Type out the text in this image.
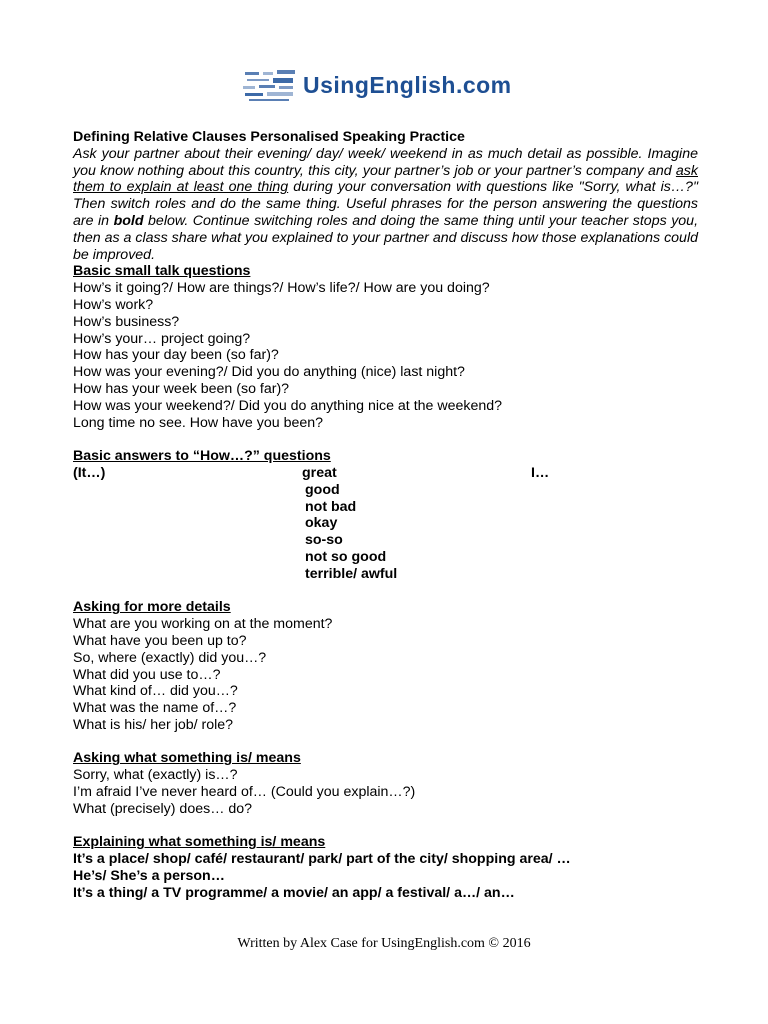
UsingEnglish.com
Defining Relative Clauses Personalised Speaking Practice
Ask your partner about their evening/ day/ week/ weekend in as much detail as possible. Imagine you know nothing about this country, this city, your partner’s job or your partner’s company and ask them to explain at least one thing during your conversation with questions like "Sorry, what is…?" Then switch roles and do the same thing. Useful phrases for the person answering the questions are in bold below. Continue switching roles and doing the same thing until your teacher stops you, then as a class share what you explained to your partner and discuss how those explanations could be improved.
Basic small talk questions
How’s it going?/ How are things?/ How’s life?/ How are you doing?
How’s work?
How’s business?
How’s your… project going?
How has your day been (so far)?
How was your evening?/ Did you do anything (nice) last night?
How has your week been (so far)?
How was your weekend?/ Did you do anything nice at the weekend?
Long time no see. How have you been?
Basic answers to “How…?” questions
(It…)	great	I…
good
not bad
okay
so-so
not so good
terrible/ awful
Asking for more details
What are you working on at the moment?
What have you been up to?
So, where (exactly) did you…?
What did you use to…?
What kind of… did you…?
What was the name of…?
What is his/ her job/ role?
Asking what something is/ means
Sorry, what (exactly) is…?
I’m afraid I’ve never heard of… (Could you explain…?)
What (precisely) does… do?
Explaining what something is/ means
It’s a place/ shop/ café/ restaurant/ park/ part of the city/ shopping area/ …
He’s/ She’s a person…
It’s a thing/ a TV programme/ a movie/ an app/ a festival/ a…/ an…
Written by Alex Case for UsingEnglish.com © 2016
